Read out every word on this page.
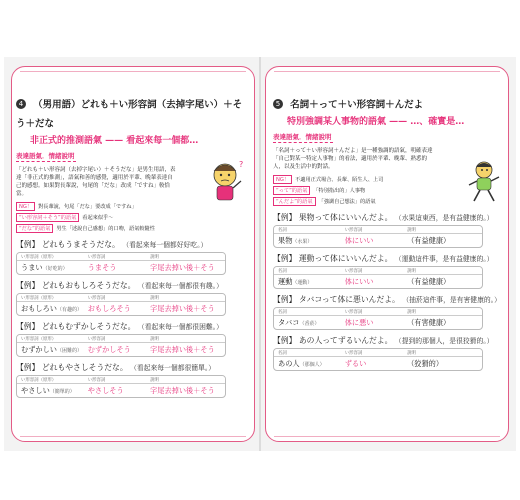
4 （男用語）どれも＋い形容詞（去掉字尾い）＋そう＋だな
非正式的推測語氣 —— 看起來每一個都…
表達語氣．情緒說明
「どれも＋い形容詞（去掉字尾い）＋そうだな」是男生用語，表達「非正式的推測」，語氣和善的感覺，適用於平輩、晚輩表達自己的感想。如果對長輩說，句尾的「だな」改成「ですね」較恰當。
?
NG！	對長輩說，句尾「だな」要改成「ですね」
“い形容詞＋そう”的語氣	看起來似乎～
“だな”的語氣	男生「述說自己感想」的口吻，語氣較隨性
【例】 どれもうまそうだな。 （看起來每一個都好好吃。）
い形容詞（原形）	い形容詞	說明
うまい（好吃的）	うまそう	字尾去掉い後＋そう
【例】 どれもおもしろそうだな。 （看起來每一個都很有趣。）
い形容詞（原形）	い形容詞	說明
おもしろい（有趣的） おもしろそう	字尾去掉い後＋そう
【例】 どれもむずかしそうだな。 （看起來每一個都很困難。）
い形容詞（原形）	い形容詞	說明
むずかしい（困難的） むずかしそう	字尾去掉い後＋そう
【例】 どれもやさしそうだな。 （看起來每一個都很簡單。）
い形容詞（原形）	い形容詞	說明
やさしい（簡單的）	やさしそう	字尾去掉い後＋そう
5 名詞＋って＋い形容詞＋んだよ
特別強調某人事物的語氣 —— …、確實是…
表達語氣．情緒說明
「名詞＋って＋い形容詞＋んだよ」是一種強調的語氣，明確表達「自己對某一特定人事物」的看法，適用於平輩、晚輩、熟悉的人，以及生活中的對話。
NG！	不適用正式場合、長輩、陌生人、上司
“って”的語氣	「特別指出的」人事物
“んだよ”的語氣	「強調自己想法」的語氣
【例】 果物って体にいいんだよ。 （水果這東西，是有益健康的。）
名詞	い形容詞	說明
果物（水果）	体にいい	（有益健康）
【例】 運動って体にいいんだよ。 （運動這件事，是有益健康的。）
名詞	い形容詞	說明
運動（運動）	体にいい	（有益健康）
【例】 タバコって体に悪いんだよ。 （抽菸這件事，是有害健康的。）
名詞	い形容詞	說明
タバコ（香菸）	体に悪い	（有害健康）
【例】 あの人ってずるいんだよ。 （提到的那個人，是很狡猾的。）
名詞	い形容詞	說明
あの人（那個人）	ずるい	（狡猾的）
